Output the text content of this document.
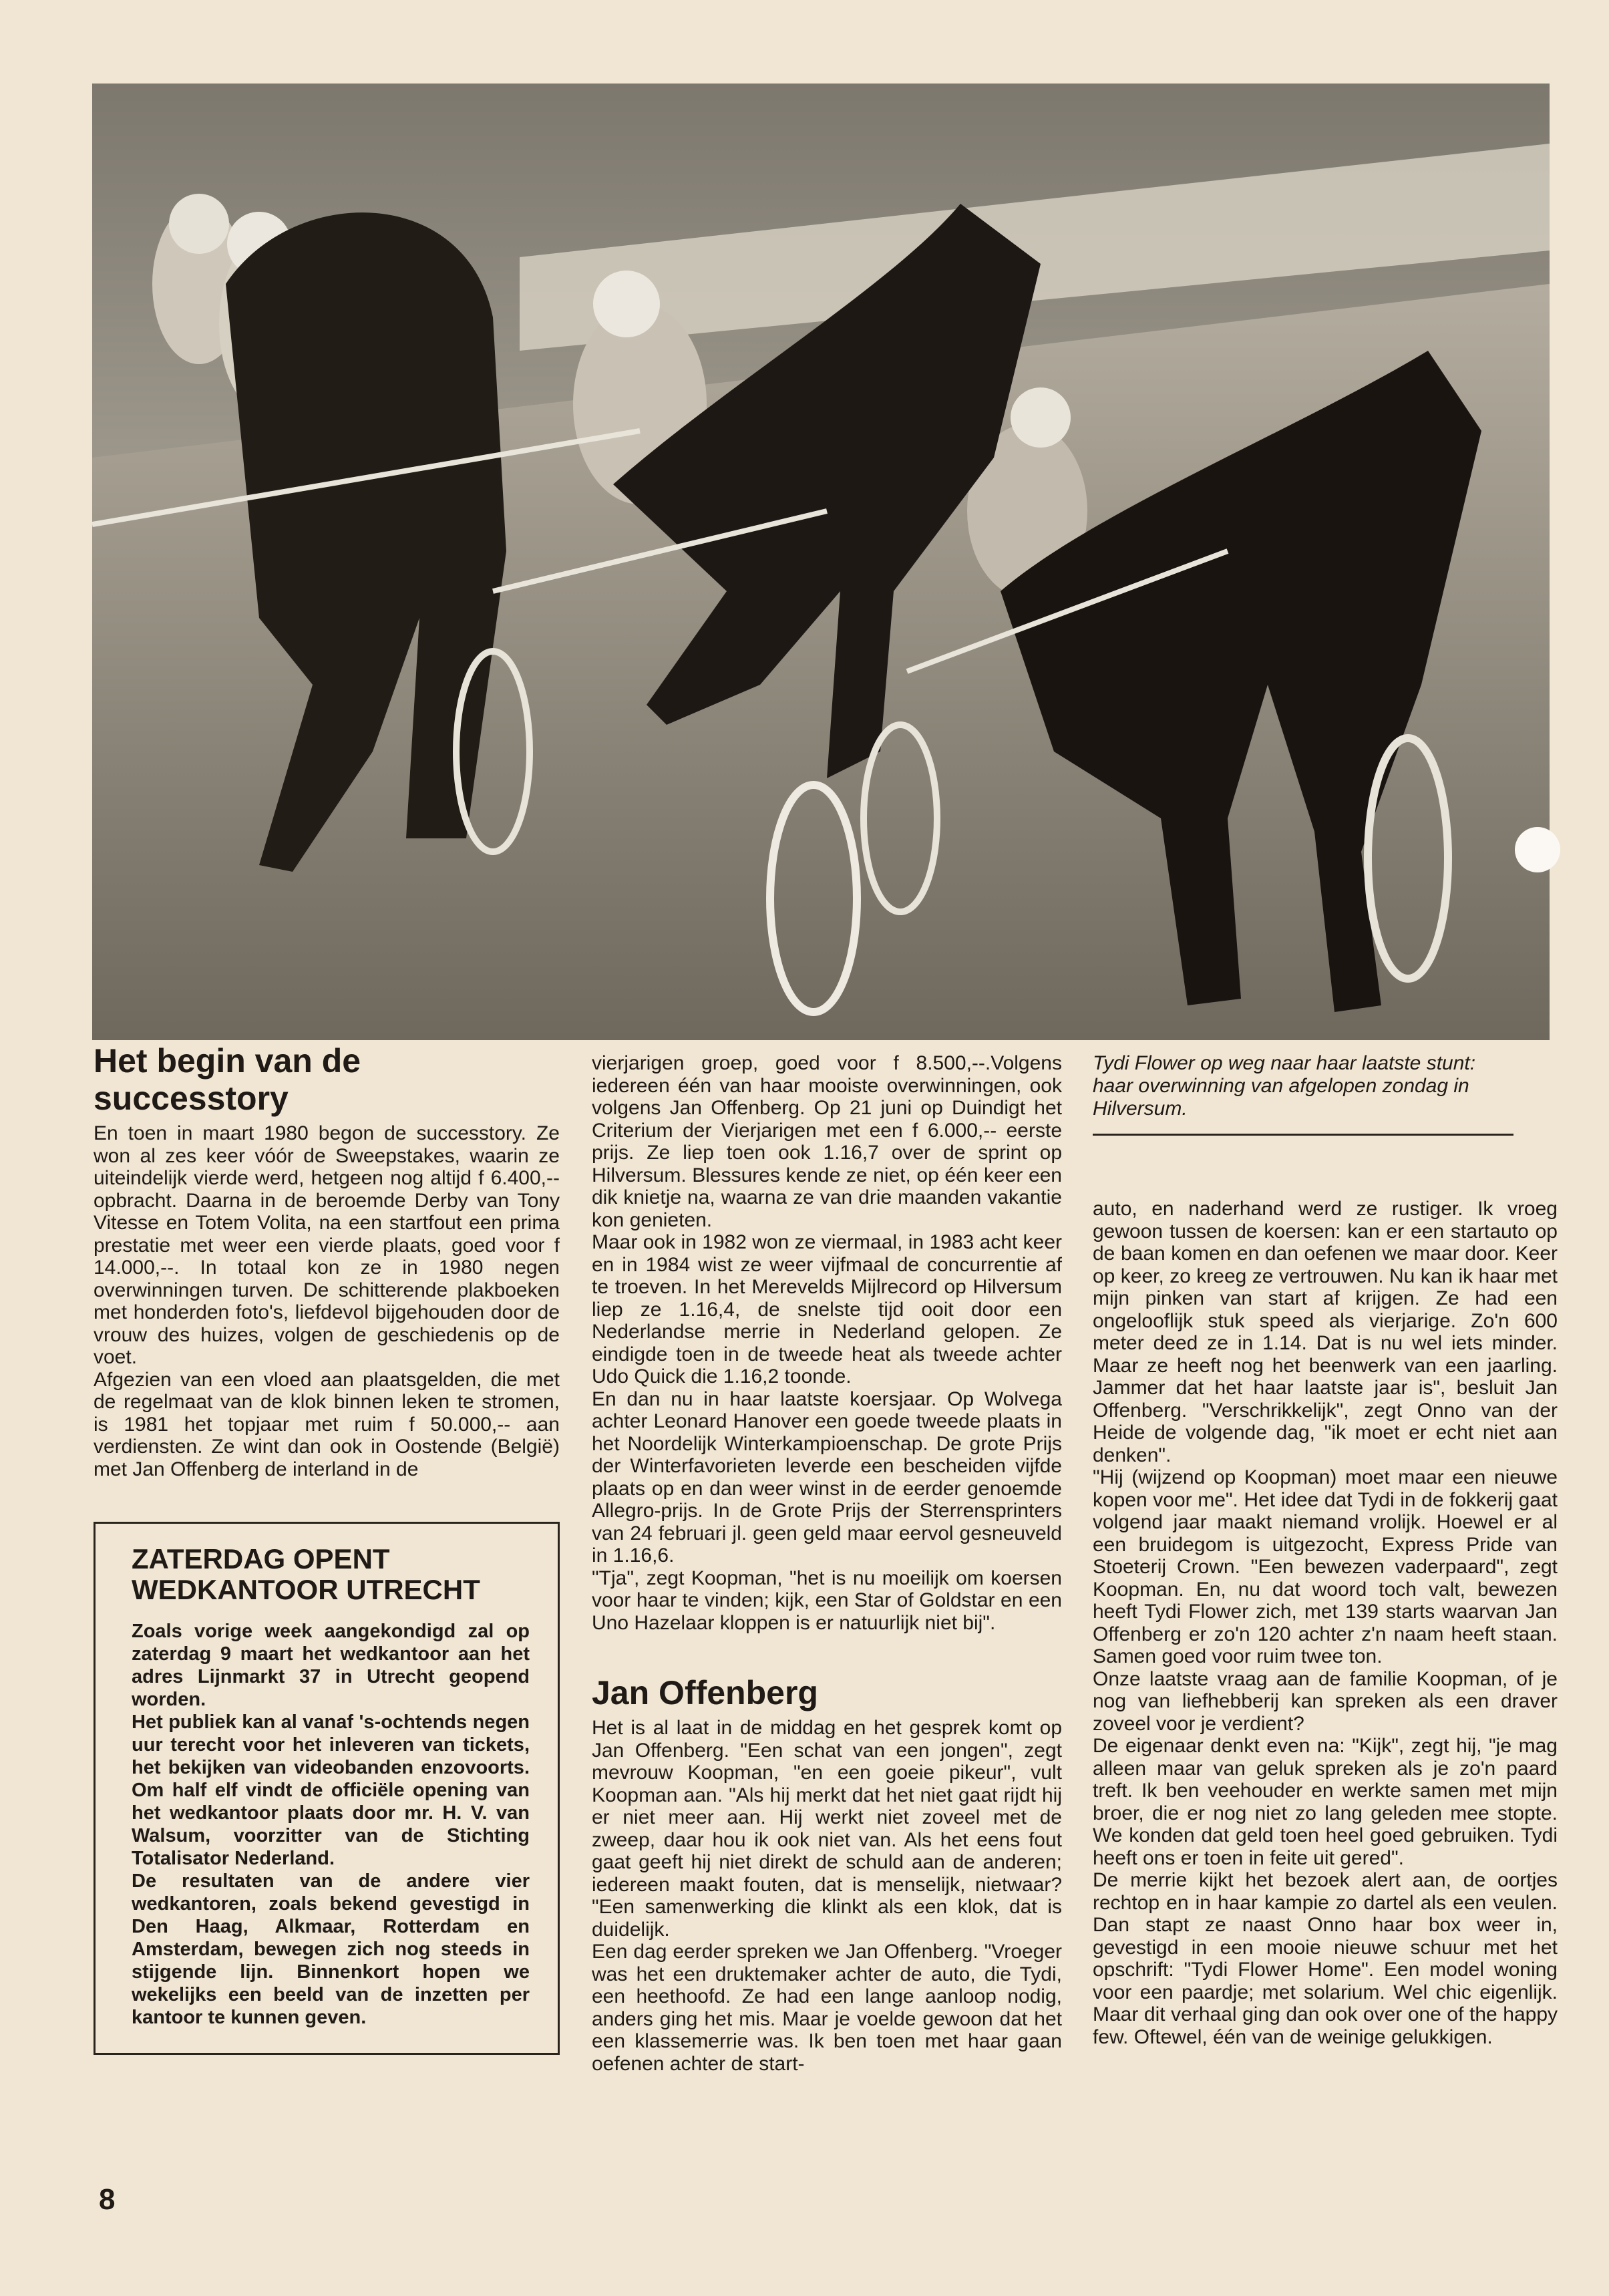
Het begin van de successtory

En toen in maart 1980 begon de successtory. Ze won al zes keer vóór de Sweepstakes, waarin ze uiteindelijk vierde werd, hetgeen nog altijd f 6.400,-- opbracht. Daarna in de beroemde Derby van Tony Vitesse en Totem Volita, na een startfout een prima prestatie met weer een vierde plaats, goed voor f 14.000,--. In totaal kon ze in 1980 negen overwinningen turven. De schitterende plakboeken met honderden foto's, liefdevol bijgehouden door de vrouw des huizes, volgen de geschiedenis op de voet.

Afgezien van een vloed aan plaatsgelden, die met de regelmaat van de klok binnen leken te stromen, is 1981 het topjaar met ruim f 50.000,-- aan verdiensten. Ze wint dan ook in Oostende (België) met Jan Offenberg de interland in de

ZATERDAG OPENT WEDKANTOOR UTRECHT

Zoals vorige week aangekondigd zal op zaterdag 9 maart het wedkantoor aan het adres Lijnmarkt 37 in Utrecht geopend worden.

Het publiek kan al vanaf 's-ochtends negen uur terecht voor het inleveren van tickets, het bekijken van videobanden enzovoorts. Om half elf vindt de officiële opening van het wedkantoor plaats door mr. H. V. van Walsum, voorzitter van de Stichting Totalisator Nederland.

De resultaten van de andere vier wedkantoren, zoals bekend gevestigd in Den Haag, Alkmaar, Rotterdam en Amsterdam, bewegen zich nog steeds in stijgende lijn. Binnenkort hopen we wekelijks een beeld van de inzetten per kantoor te kunnen geven.

vierjarigen groep, goed voor f 8.500,--.Volgens iedereen één van haar mooiste overwinningen, ook volgens Jan Offenberg. Op 21 juni op Duindigt het Criterium der Vierjarigen met een f 6.000,-- eerste prijs. Ze liep toen ook 1.16,7 over de sprint op Hilversum. Blessures kende ze niet, op één keer een dik knietje na, waarna ze van drie maanden vakantie kon genieten.

Maar ook in 1982 won ze viermaal, in 1983 acht keer en in 1984 wist ze weer vijfmaal de concurrentie af te troeven. In het Merevelds Mijlrecord op Hilversum liep ze 1.16,4, de snelste tijd ooit door een Nederlandse merrie in Nederland gelopen. Ze eindigde toen in de tweede heat als tweede achter Udo Quick die 1.16,2 toonde.

En dan nu in haar laatste koersjaar. Op Wolvega achter Leonard Hanover een goede tweede plaats in het Noordelijk Winterkampioenschap. De grote Prijs der Winterfavorieten leverde een bescheiden vijfde plaats op en dan weer winst in de eerder genoemde Allegro-prijs. In de Grote Prijs der Sterrensprinters van 24 februari jl. geen geld maar eervol gesneuveld in 1.16,6.

"Tja", zegt Koopman, "het is nu moeilijk om koersen voor haar te vinden; kijk, een Star of Goldstar en een Uno Hazelaar kloppen is er natuurlijk niet bij".

Jan Offenberg

Het is al laat in de middag en het gesprek komt op Jan Offenberg. "Een schat van een jongen", zegt mevrouw Koopman, "en een goeie pikeur", vult Koopman aan. "Als hij merkt dat het niet gaat rijdt hij er niet meer aan. Hij werkt niet zoveel met de zweep, daar hou ik ook niet van. Als het eens fout gaat geeft hij niet direkt de schuld aan de anderen; iedereen maakt fouten, dat is menselijk, nietwaar? "Een samenwerking die klinkt als een klok, dat is duidelijk.

Een dag eerder spreken we Jan Offenberg. "Vroeger was het een druktemaker achter de auto, die Tydi, een heethoofd. Ze had een lange aanloop nodig, anders ging het mis. Maar je voelde gewoon dat het een klassemerrie was. Ik ben toen met haar gaan oefenen achter de start-

Tydi Flower op weg naar haar laatste stunt: haar overwinning van afgelopen zondag in Hilversum.

auto, en naderhand werd ze rustiger. Ik vroeg gewoon tussen de koersen: kan er een startauto op de baan komen en dan oefenen we maar door. Keer op keer, zo kreeg ze vertrouwen. Nu kan ik haar met mijn pinken van start af krijgen. Ze had een ongelooflijk stuk speed als vierjarige. Zo'n 600 meter deed ze in 1.14. Dat is nu wel iets minder. Maar ze heeft nog het beenwerk van een jaarling. Jammer dat het haar laatste jaar is", besluit Jan Offenberg. "Verschrikkelijk", zegt Onno van der Heide de volgende dag, "ik moet er echt niet aan denken".

"Hij (wijzend op Koopman) moet maar een nieuwe kopen voor me". Het idee dat Tydi in de fokkerij gaat volgend jaar maakt niemand vrolijk. Hoewel er al een bruidegom is uitgezocht, Express Pride van Stoeterij Crown. "Een bewezen vaderpaard", zegt Koopman. En, nu dat woord toch valt, bewezen heeft Tydi Flower zich, met 139 starts waarvan Jan Offenberg er zo'n 120 achter z'n naam heeft staan. Samen goed voor ruim twee ton.

Onze laatste vraag aan de familie Koopman, of je nog van liefhebberij kan spreken als een draver zoveel voor je verdient?

De eigenaar denkt even na: "Kijk", zegt hij, "je mag alleen maar van geluk spreken als je zo'n paard treft. Ik ben veehouder en werkte samen met mijn broer, die er nog niet zo lang geleden mee stopte. We konden dat geld toen heel goed gebruiken. Tydi heeft ons er toen in feite uit gered".

De merrie kijkt het bezoek alert aan, de oortjes rechtop en in haar kampie zo dartel als een veulen. Dan stapt ze naast Onno haar box weer in, gevestigd in een mooie nieuwe schuur met het opschrift: "Tydi Flower Home". Een model woning voor een paardje; met solarium. Wel chic eigenlijk. Maar dit verhaal ging dan ook over one of the happy few. Oftewel, één van de weinige gelukkigen.

8
